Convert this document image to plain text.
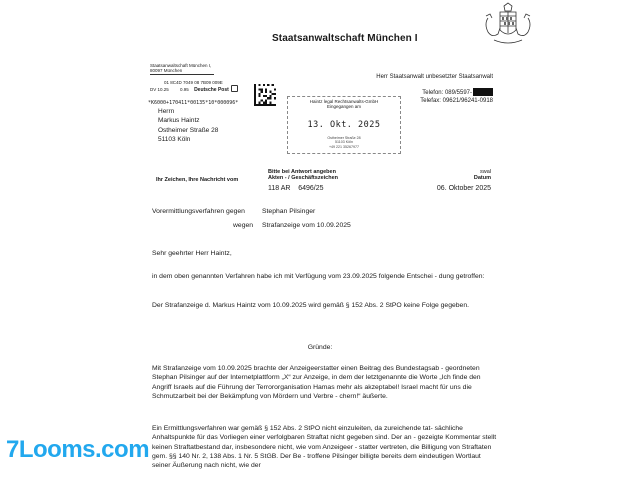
Staatsanwaltschaft München I
Staatsanwaltschaft München I,
80097 München
01 8C4D 7049 08 7B09 009E
DV 10.25	0.95 Deutsche Post
*K6000+170411*00135*10*000096*
Herrn
Markus Haintz
Ostheimer Straße 28
51103 Köln
Haintz legal Rechtsanwalts-GmbH
Eingegangen am
13. Okt. 2025
Ostheimer Straße 28
51103 Köln
+49 221 35267977
Herr Staatsanwalt unbesetzter Staatsanwalt
Telefon: 089/5597-
Telefax: 09621/96241-0918
Ihr Zeichen, Ihre Nachricht vom
Bitte bei Antwort angeben
Akten - / Geschäftszeichen
118 AR    6496/25
swal
Datum
06. Oktober 2025
Vorermittlungsverfahren gegen	Stephan Pilsinger
wegen Strafanzeige vom 10.09.2025
Sehr geehrter Herr Haintz,
in dem oben genannten Verfahren habe ich mit Verfügung vom 23.09.2025 folgende Entschei - dung getroffen:
Der Strafanzeige d. Markus Haintz vom 10.09.2025 wird gemäß § 152 Abs. 2 StPO keine Folge gegeben.
Gründe:
Mit Strafanzeige vom 10.09.2025 brachte der Anzeigeerstatter einen Beitrag des Bundestagsab - geordneten Stephan Pilsinger auf der Internetplattform „X“ zur Anzeige, in dem der letztgenannte die Worte „Ich finde den Angriff Israels auf die Führung der Terrororganisation Hamas mehr als akzeptabel! Israel macht für uns die Schmutzarbeit bei der Bekämpfung von Mördern und Verbre - chern!“ äußerte.
Ein Ermittlungsverfahren war gemäß § 152 Abs. 2 StPO nicht einzuleiten, da zureichende tat- sächliche Anhaltspunkte für das Vorliegen einer verfolgbaren Straftat nicht gegeben sind. Der an - gezeigte Kommentar stellt keinen Straftatbestand dar, insbesondere nicht, wie vom Anzeigeer - statter vertreten, die Billigung von Straftaten gem. §§ 140 Nr. 2, 138 Abs. 1 Nr. 5 StGB. Der Be - troffene Pilsinger billigte bereits dem eindeutigen Wortlaut seiner Äußerung nach nicht, wie der
7Looms.com
